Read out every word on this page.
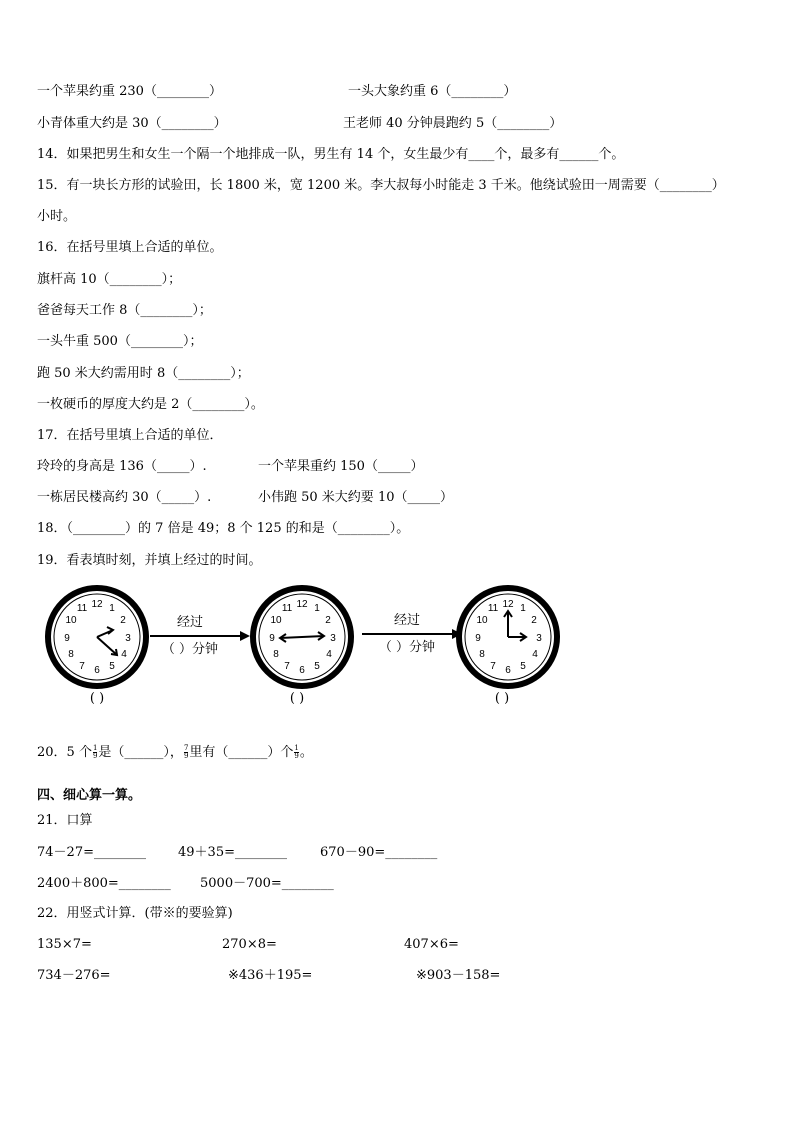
一个苹果约重 230（________）	一头大象约重 6（________）
小青体重大约是 30（________）	王老师 40 分钟晨跑约 5（________）
14．如果把男生和女生一个隔一个地排成一队，男生有 14 个，女生最少有____个，最多有______个。
15．有一块长方形的试验田，长 1800 米，宽 1200 米。李大叔每小时能走 3 千米。他绕试验田一周需要（________）
小时。
16．在括号里填上合适的单位。
旗杆高 10（________）；
爸爸每天工作 8（________）；
一头牛重 500（________）；
跑 50 米大约需用时 8（________）；
一枚硬币的厚度大约是 2（________）。
17．在括号里填上合适的单位．
玲玲的身高是 136（_____）.	一个苹果重约 150（_____）
一栋居民楼高约 30（_____）.	小伟跑 50 米大约要 10（_____）
18．（________）的 7 倍是 49；8 个 125 的和是（________）。
19．看表填时刻，并填上经过的时间。
12 1
2
3
4
5
6
7
8
9
10
11
经过
（ ）分钟
12 1
2
3
4
5
6
7
8
9
10
11
经过
（ ）分钟
12 1
2
3
4
5
6
7
8
9
10
11
( )	( )	( )
20．5 个 $\frac{1}{9}$ 是（______）， $\frac{7}{9}$ 里有（______）个 $\frac{1}{9}$ 。
四、细心算一算。
21．口算
74－27=________ 49＋35=________	670－90=________
2400＋800=________ 5000－700=________
22．用竖式计算．(带※的要验算)
135×7=	270×8=	407×6=
734－276=	※436＋195=	※903－158=
